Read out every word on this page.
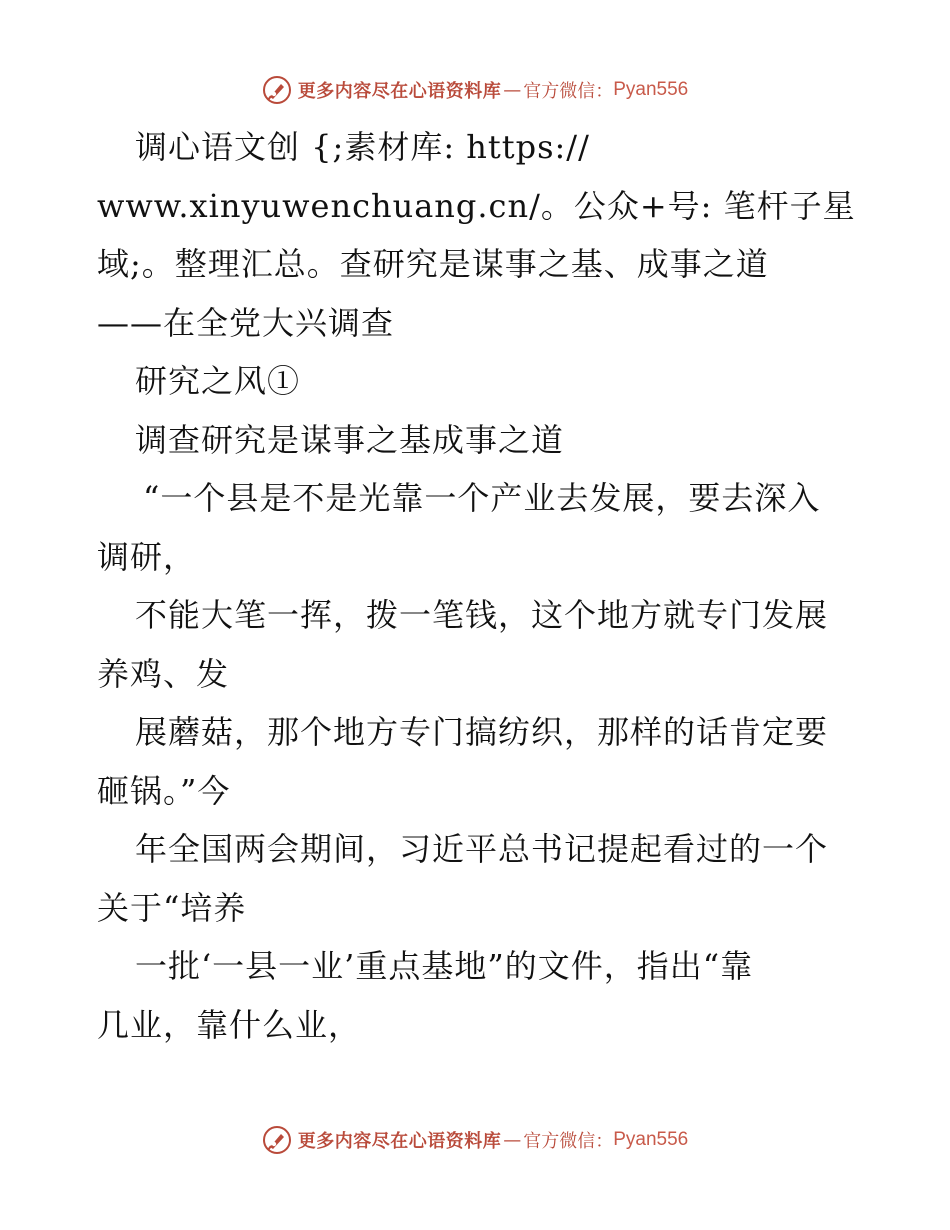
更多内容尽在心语资料库 — 官方微信： Pyan556
调心语文创 {;素材库: https://
www.xinyuwenchuang.cn/。公众+号: 笔杆子星
域;。整理汇总。查研究是谋事之基、成事之道
——在全党大兴调查
研究之风①
调查研究是谋事之基成事之道
“一个县是不是光靠一个产业去发展，要去深入
调研，
不能大笔一挥，拨一笔钱，这个地方就专门发展
养鸡、发
展蘑菇，那个地方专门搞纺织，那样的话肯定要
砸锅。”今
年全国两会期间，习近平总书记提起看过的一个
关于“培养
一批‘一县一业’重点基地”的文件，指出“靠
几业，靠什么业，
更多内容尽在心语资料库 — 官方微信： Pyan556
